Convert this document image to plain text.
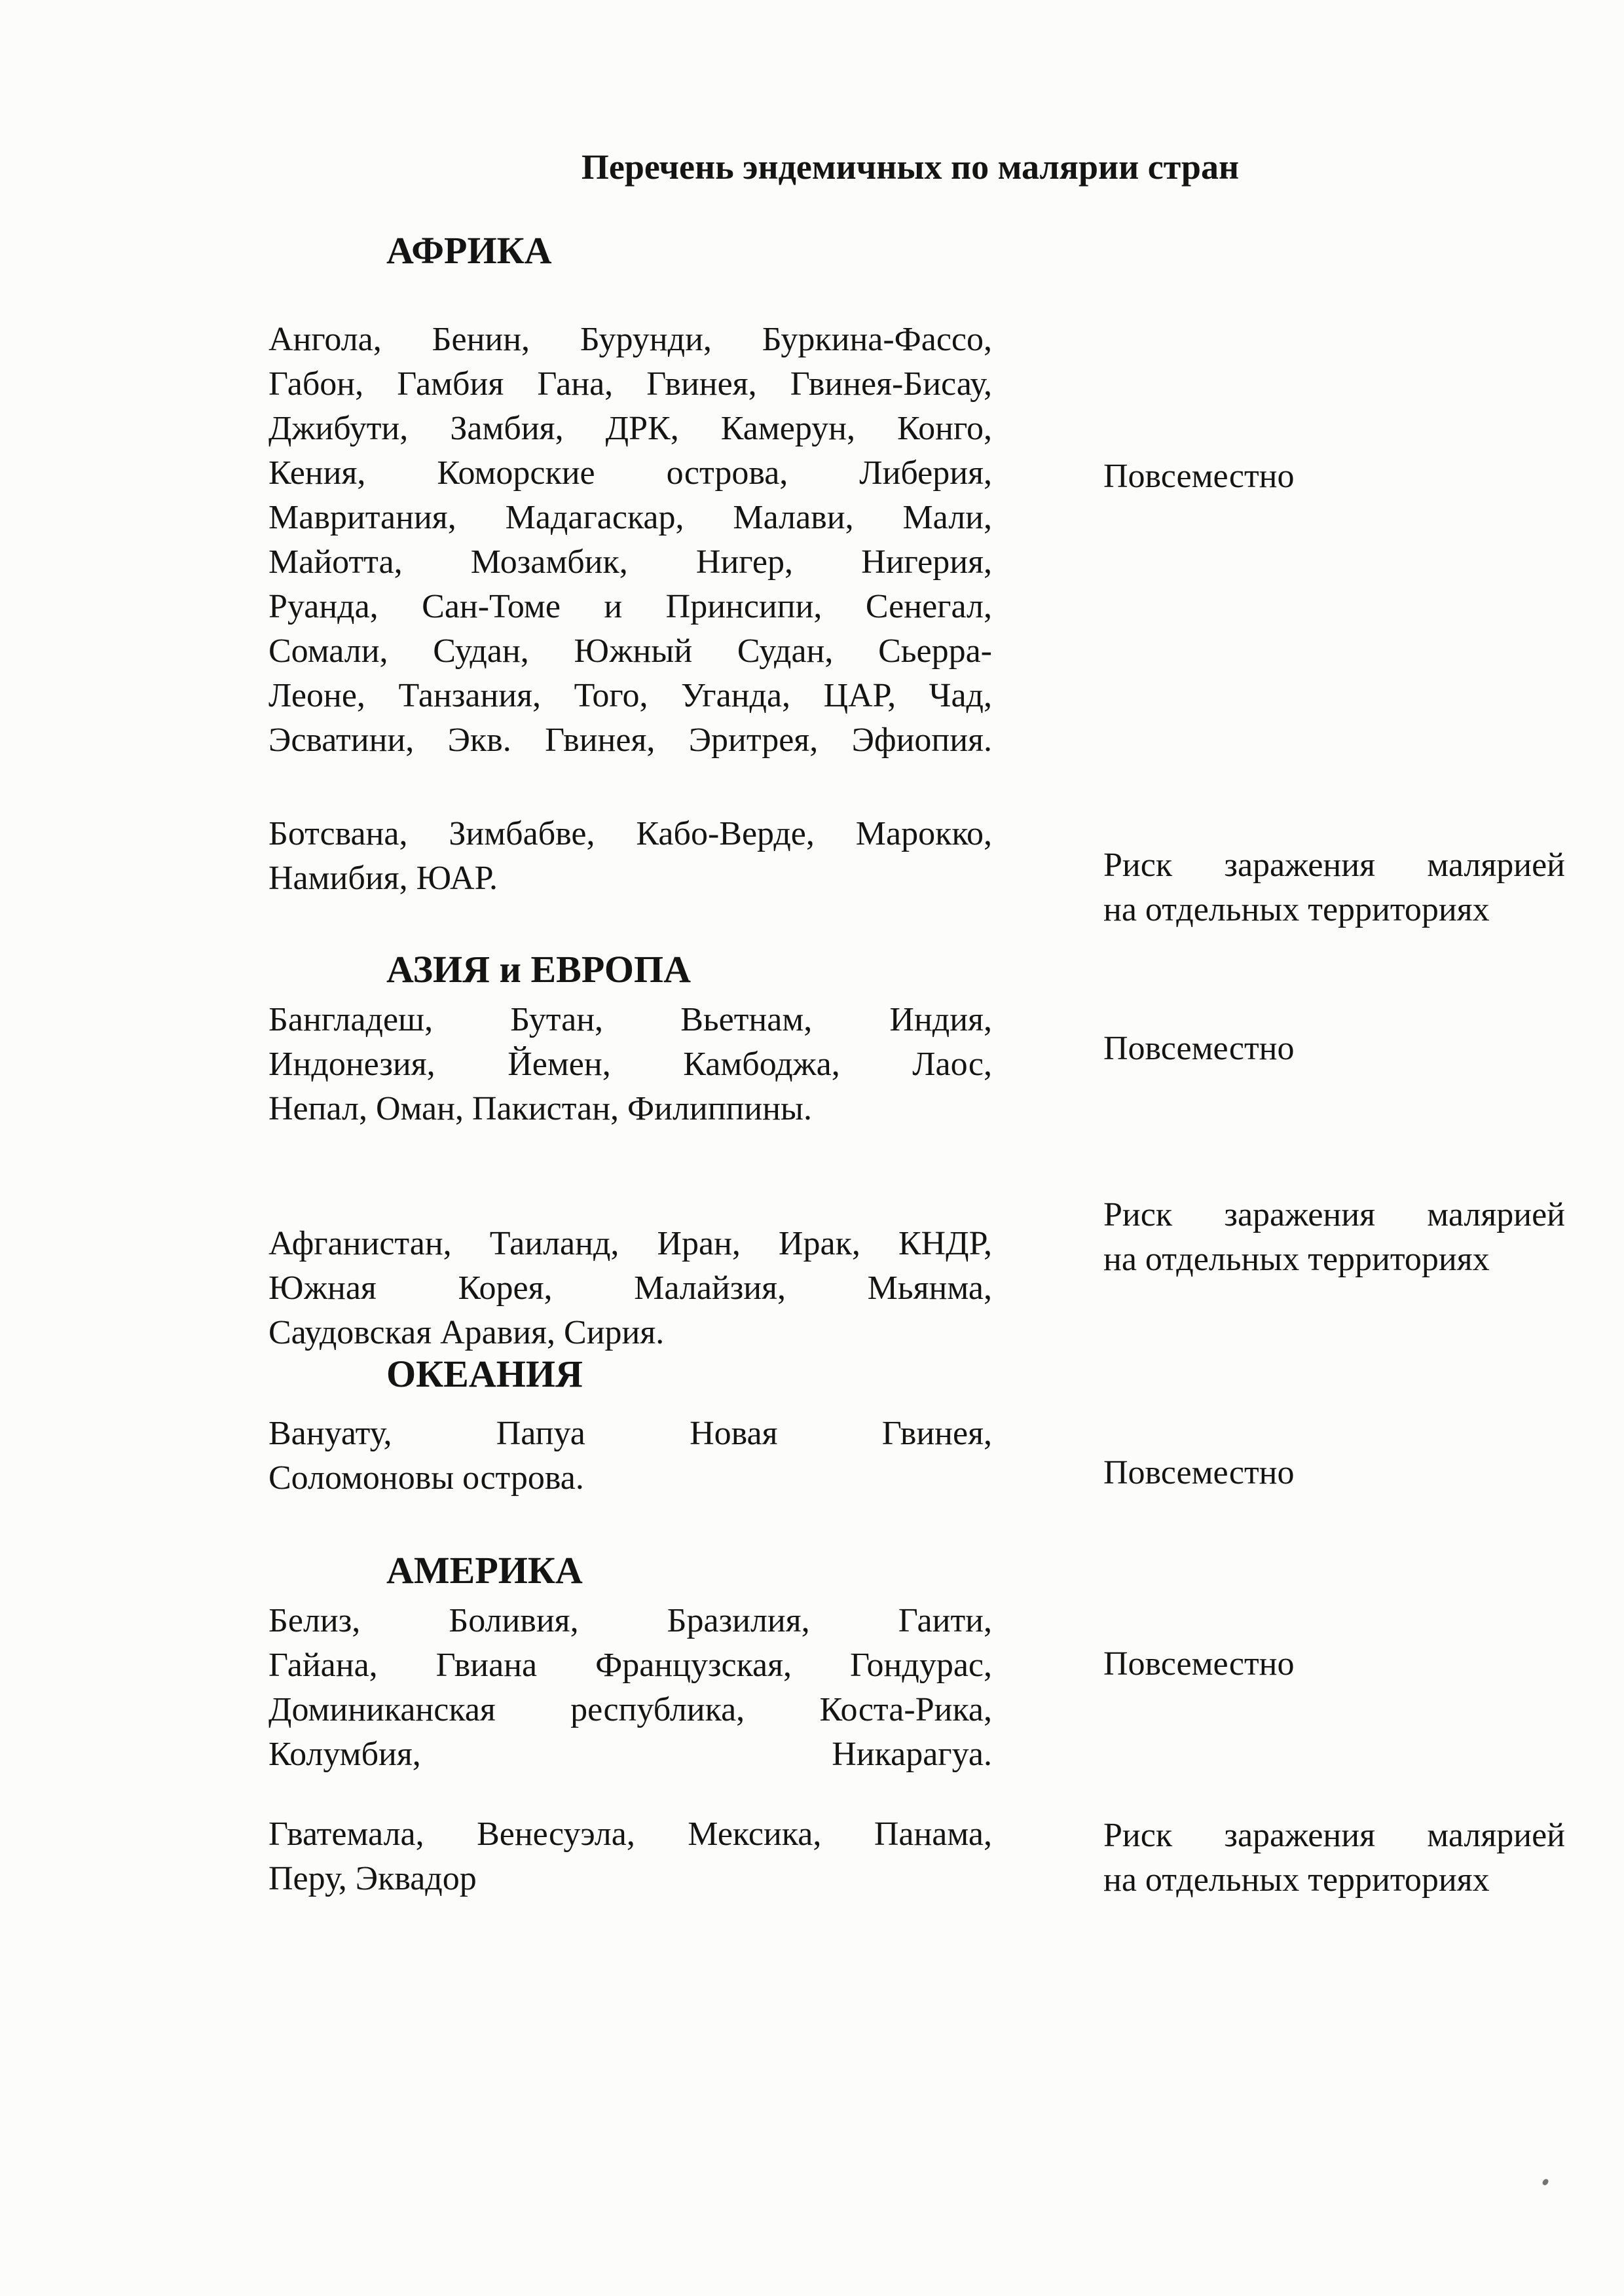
Перечень эндемичных по малярии стран
АФРИКА
Ангола, Бенин, Бурунди, Буркина-Фассо,
Габон, Гамбия Гана, Гвинея, Гвинея-Бисау,
Джибути, Замбия, ДРК, Камерун, Конго,
Кения, Коморские острова, Либерия,
Мавритания, Мадагаскар, Малави, Мали,
Майотта, Мозамбик, Нигер, Нигерия,
Руанда, Сан-Томе и Принсипи, Сенегал,
Сомали, Судан, Южный Судан, Сьерра-
Леоне, Танзания, Того, Уганда, ЦАР, Чад,
Эсватини, Экв. Гвинея, Эритрея, Эфиопия.
Повсеместно
Ботсвана, Зимбабве, Кабо-Верде, Марокко,
Намибия, ЮАР.	Риск заражения малярией
на отдельных территориях
АЗИЯ и ЕВРОПА
Бангладеш, Бутан, Вьетнам, Индия,
Индонезия, Йемен, Камбоджа, Лаос,
Непал, Оман, Пакистан, Филиппины.
Повсеместно
Афганистан, Таиланд, Иран, Ирак, КНДР,
Южная Корея, Малайзия, Мьянма,
Саудовская Аравия, Сирия.
Риск заражения малярией
на отдельных территориях
ОКЕАНИЯ
Вануату, Папуа Новая Гвинея,
Соломоновы острова.	Повсеместно
АМЕРИКА
Белиз, Боливия, Бразилия, Гаити,
Гайана, Гвиана Французская, Гондурас,
Доминиканская республика, Коста-Рика,
Колумбия, Никарагуа.
Повсеместно
Гватемала, Венесуэла, Мексика, Панама,
Перу, Эквадор
Риск заражения малярией
на отдельных территориях
